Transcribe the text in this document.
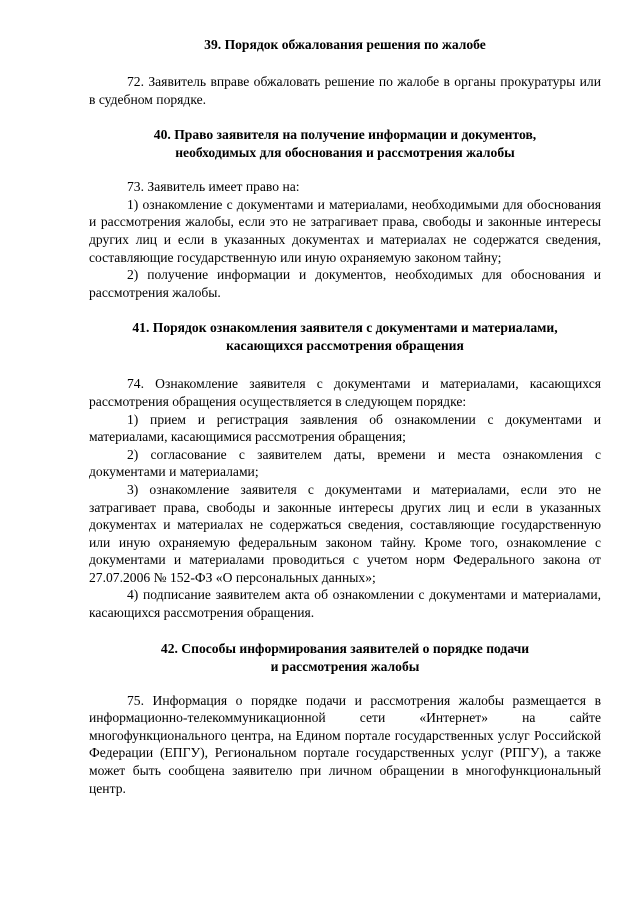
39. Порядок обжалования решения по жалобе

72. Заявитель вправе обжаловать решение по жалобе в органы прокуратуры или в судебном порядке.

40. Право заявителя на получение информации и документов,
необходимых для обоснования и рассмотрения жалобы

73. Заявитель имеет право на:

1) ознакомление с документами и материалами, необходимыми для обоснования и рассмотрения жалобы, если это не затрагивает права, свободы и законные интересы других лиц и если в указанных документах и материалах не содержатся сведения, составляющие государственную или иную охраняемую законом тайну;

2) получение информации и документов, необходимых для обоснования и рассмотрения жалобы.

41. Порядок ознакомления заявителя с документами и материалами,
касающихся рассмотрения обращения

74. Ознакомление заявителя с документами и материалами, касающихся рассмотрения обращения осуществляется в следующем порядке:

1) прием и регистрация заявления об ознакомлении с документами и материалами, касающимися рассмотрения обращения;

2) согласование с заявителем даты, времени и места ознакомления с документами и материалами;

3) ознакомление заявителя с документами и материалами, если это не затрагивает права, свободы и законные интересы других лиц и если в указанных документах и материалах не содержаться сведения, составляющие государственную или иную охраняемую федеральным законом тайну. Кроме того, ознакомление с документами и материалами проводиться с учетом норм Федерального закона от 27.07.2006 № 152-ФЗ «О персональных данных»;

4) подписание заявителем акта об ознакомлении с документами и материалами, касающихся рассмотрения обращения.

42. Способы информирования заявителей о порядке подачи
и рассмотрения жалобы

75. Информация о порядке подачи и рассмотрения жалобы размещается в информационно-телекоммуникационной сети «Интернет» на сайте многофункционального центра, на Едином портале государственных услуг Российской Федерации (ЕПГУ), Региональном портале государственных услуг (РПГУ), а также может быть сообщена заявителю при личном обращении в многофункциональный центр.
